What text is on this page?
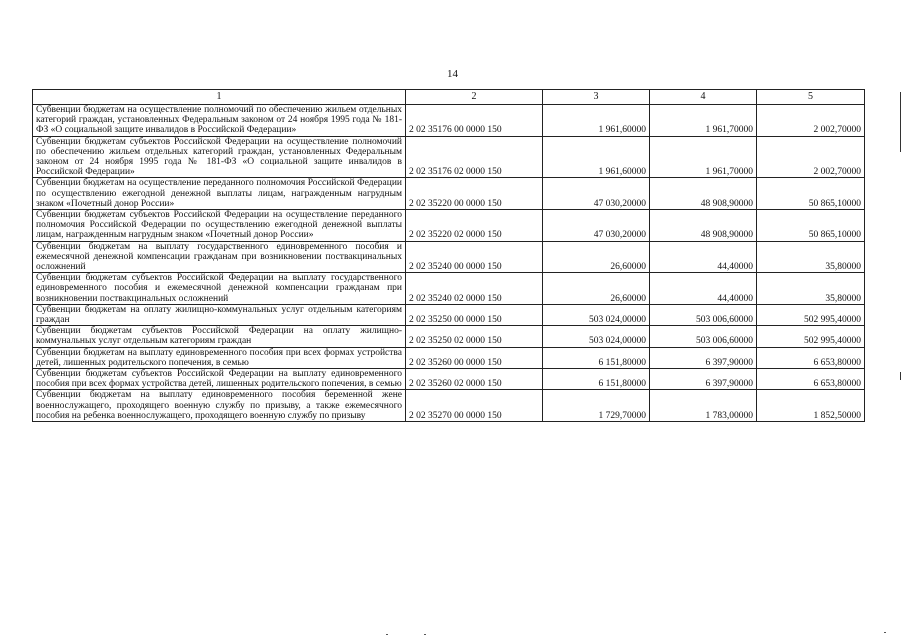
14
1	2	3	4	5
Субвенции бюджетам на осуществление полномочий по обеспечению жильем отдельных категорий граждан, установленных Федеральным законом от 24 ноября 1995 года № 181-ФЗ «О социальной защите инвалидов в Российской Федерации»	2 02 35176 00 0000 150	1 961,60000	1 961,70000	2 002,70000
Субвенции бюджетам субъектов Российской Федерации на осуществление полномочий по обеспечению жильем отдельных категорий граждан, установленных Федеральным законом от 24 ноября 1995 года № 181-ФЗ «О социальной защите инвалидов в Российской Федерации»	2 02 35176 02 0000 150	1 961,60000	1 961,70000	2 002,70000
Субвенции бюджетам на осуществление переданного полномочия Российской Федерации по осуществлению ежегодной денежной выплаты лицам, награжденным нагрудным знаком «Почетный донор России»	2 02 35220 00 0000 150	47 030,20000	48 908,90000	50 865,10000
Субвенции бюджетам субъектов Российской Федерации на осуществление переданного полномочия Российской Федерации по осуществлению ежегодной денежной выплаты лицам, награжденным нагрудным знаком «Почетный донор России»	2 02 35220 02 0000 150	47 030,20000	48 908,90000	50 865,10000
Субвенции бюджетам на выплату государственного единовременного пособия и ежемесячной денежной компенсации гражданам при возникновении поствакцинальных осложнений	2 02 35240 00 0000 150	26,60000	44,40000	35,80000
Субвенции бюджетам субъектов Российской Федерации на выплату государственного единовременного пособия и ежемесячной денежной компенсации гражданам при возникновении поствакцинальных осложнений	2 02 35240 02 0000 150	26,60000	44,40000	35,80000
Субвенции бюджетам на оплату жилищно-коммунальных услуг отдельным категориям граждан	2 02 35250 00 0000 150	503 024,00000	503 006,60000	502 995,40000
Субвенции бюджетам субъектов Российской Федерации на оплату жилищно-коммунальных услуг отдельным категориям граждан	2 02 35250 02 0000 150	503 024,00000	503 006,60000	502 995,40000
Субвенции бюджетам на выплату единовременного пособия при всех формах устройства детей, лишенных родительского попечения, в семью	2 02 35260 00 0000 150	6 151,80000	6 397,90000	6 653,80000
Субвенции бюджетам субъектов Российской Федерации на выплату единовременного пособия при всех формах устройства детей, лишенных родительского попечения, в семью	2 02 35260 02 0000 150	6 151,80000	6 397,90000	6 653,80000
Субвенции бюджетам на выплату единовременного пособия беременной жене военнослужащего, проходящего военную службу по призыву, а также ежемесячного пособия на ребенка военнослужащего, проходящего военную службу по призыву	2 02 35270 00 0000 150	1 729,70000	1 783,00000	1 852,50000
